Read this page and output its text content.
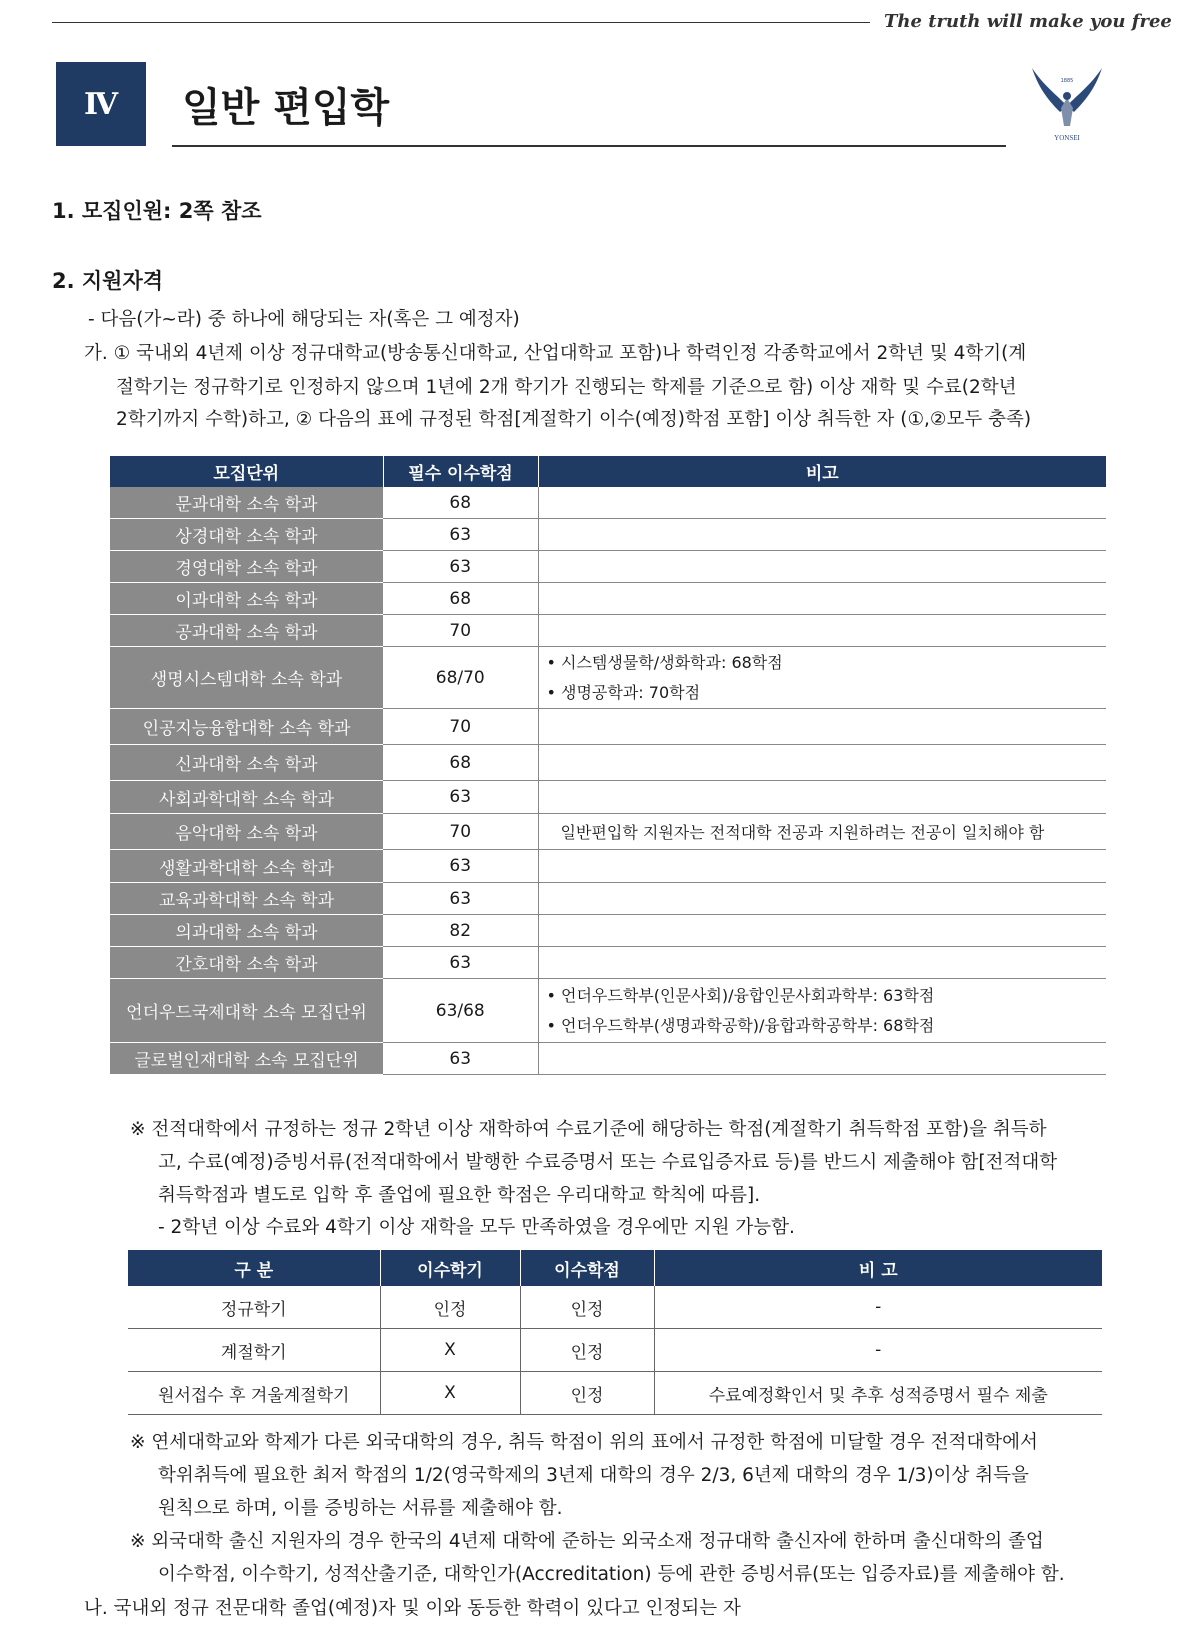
The truth will make you free
Ⅳ	일반 편입학
1885
YONSEI
1. 모집인원: 2쪽 참조
2. 지원자격
- 다음(가~라) 중 하나에 해당되는 자(혹은 그 예정자)
가. ① 국내외 4년제 이상 정규대학교(방송통신대학교, 산업대학교 포함)나 학력인정 각종학교에서 2학년 및 4학기(계
절학기는 정규학기로 인정하지 않으며 1년에 2개 학기가 진행되는 학제를 기준으로 함) 이상 재학 및 수료(2학년
2학기까지 수학)하고, ② 다음의 표에 규정된 학점[계절학기 이수(예정)학점 포함] 이상 취득한 자 (①,②모두 충족)
모집단위	필수 이수학점	비고
문과대학 소속 학과	68	
상경대학 소속 학과	63	
경영대학 소속 학과	63	
이과대학 소속 학과	68	
공과대학 소속 학과	70	
생명시스템대학 소속 학과	68/70	• 시스템생물학/생화학과: 68학점
• 생명공학과: 70학점

인공지능융합대학 소속 학과	70	
신과대학 소속 학과	68	
사회과학대학 소속 학과	63	
음악대학 소속 학과	70	일반편입학 지원자는 전적대학 전공과 지원하려는 전공이 일치해야 함
생활과학대학 소속 학과	63	
교육과학대학 소속 학과	63	
의과대학 소속 학과	82	
간호대학 소속 학과	63	
언더우드국제대학 소속 모집단위	63/68	• 언더우드학부(인문사회)/융합인문사회과학부: 63학점
• 언더우드학부(생명과학공학)/융합과학공학부: 68학점

글로벌인재대학 소속 모집단위	63	
※ 전적대학에서 규정하는 정규 2학년 이상 재학하여 수료기준에 해당하는 학점(계절학기 취득학점 포함)을 취득하
고, 수료(예정)증빙서류(전적대학에서 발행한 수료증명서 또는 수료입증자료 등)를 반드시 제출해야 함[전적대학
취득학점과 별도로 입학 후 졸업에 필요한 학점은 우리대학교 학칙에 따름].
- 2학년 이상 수료와 4학기 이상 재학을 모두 만족하였을 경우에만 지원 가능함.
구 분	이수학기	이수학점	비 고
정규학기	인정	인정	-
계절학기	X	인정	-
원서접수 후 겨울계절학기	X	인정	수료예정확인서 및 추후 성적증명서 필수 제출
※ 연세대학교와 학제가 다른 외국대학의 경우, 취득 학점이 위의 표에서 규정한 학점에 미달할 경우 전적대학에서
학위취득에 필요한 최저 학점의 1/2(영국학제의 3년제 대학의 경우 2/3, 6년제 대학의 경우 1/3)이상 취득을
원칙으로 하며, 이를 증빙하는 서류를 제출해야 함.
※ 외국대학 출신 지원자의 경우 한국의 4년제 대학에 준하는 외국소재 정규대학 출신자에 한하며 출신대학의 졸업
이수학점, 이수학기, 성적산출기준, 대학인가(Accreditation) 등에 관한 증빙서류(또는 입증자료)를 제출해야 함.
나. 국내외 정규 전문대학 졸업(예정)자 및 이와 동등한 학력이 있다고 인정되는 자
